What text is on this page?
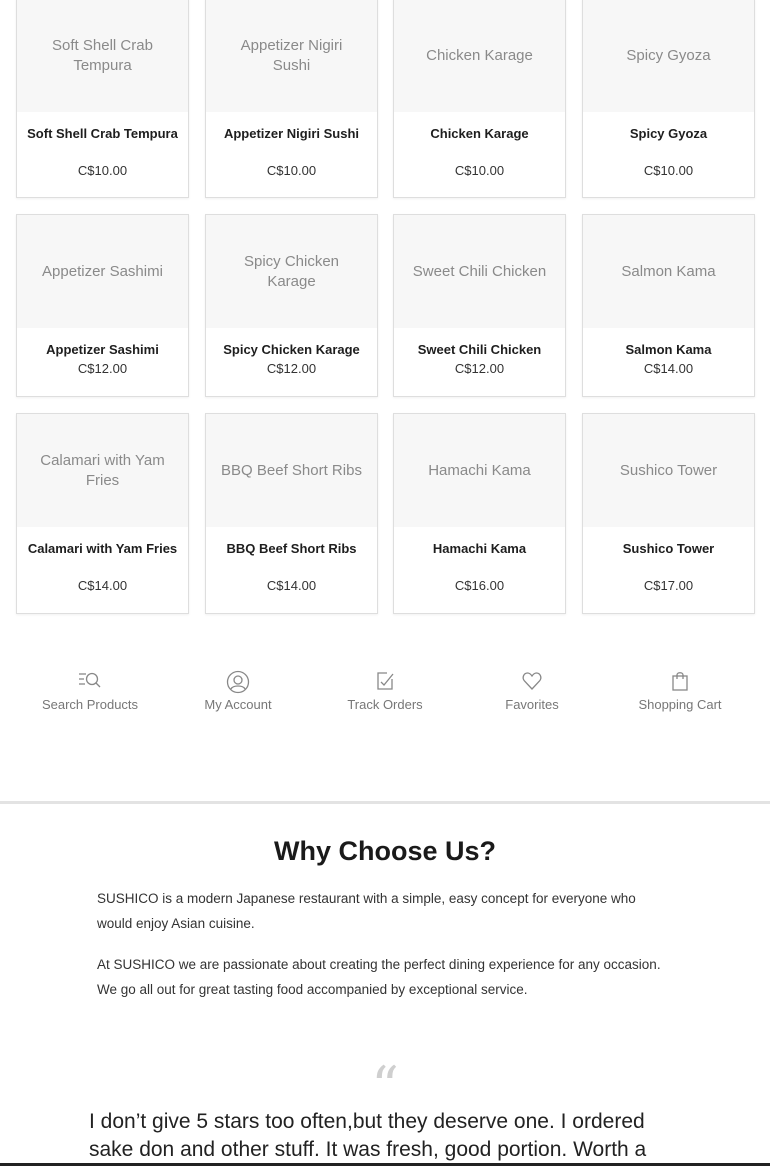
Soft Shell Crab Tempura
Soft Shell Crab Tempura
C$10.00
Appetizer Nigiri Sushi
Appetizer Nigiri Sushi
C$10.00
Chicken Karage
Chicken Karage
C$10.00
Spicy Gyoza
Spicy Gyoza
C$10.00
Appetizer Sashimi
Appetizer Sashimi
C$12.00
Spicy Chicken Karage
Spicy Chicken Karage
C$12.00
Sweet Chili Chicken
Sweet Chili Chicken
C$12.00
Salmon Kama
Salmon Kama
C$14.00
Calamari with Yam Fries
Calamari with Yam Fries
C$14.00
BBQ Beef Short Ribs
BBQ Beef Short Ribs
C$14.00
Hamachi Kama
Hamachi Kama
C$16.00
Sushico Tower
Sushico Tower
C$17.00
Search Products	My Account	Track Orders	Favorites	Shopping Cart
Why Choose Us?

SUSHICO is a modern Japanese restaurant with a simple, easy concept for everyone who would enjoy Asian cuisine.

At SUSHICO we are passionate about creating the perfect dining experience for any occasion. We go all out for great tasting food accompanied by exceptional service.

“

I don’t give 5 stars too often,but they deserve one. I ordered sake don and other stuff. It was fresh, good portion. Worth a
